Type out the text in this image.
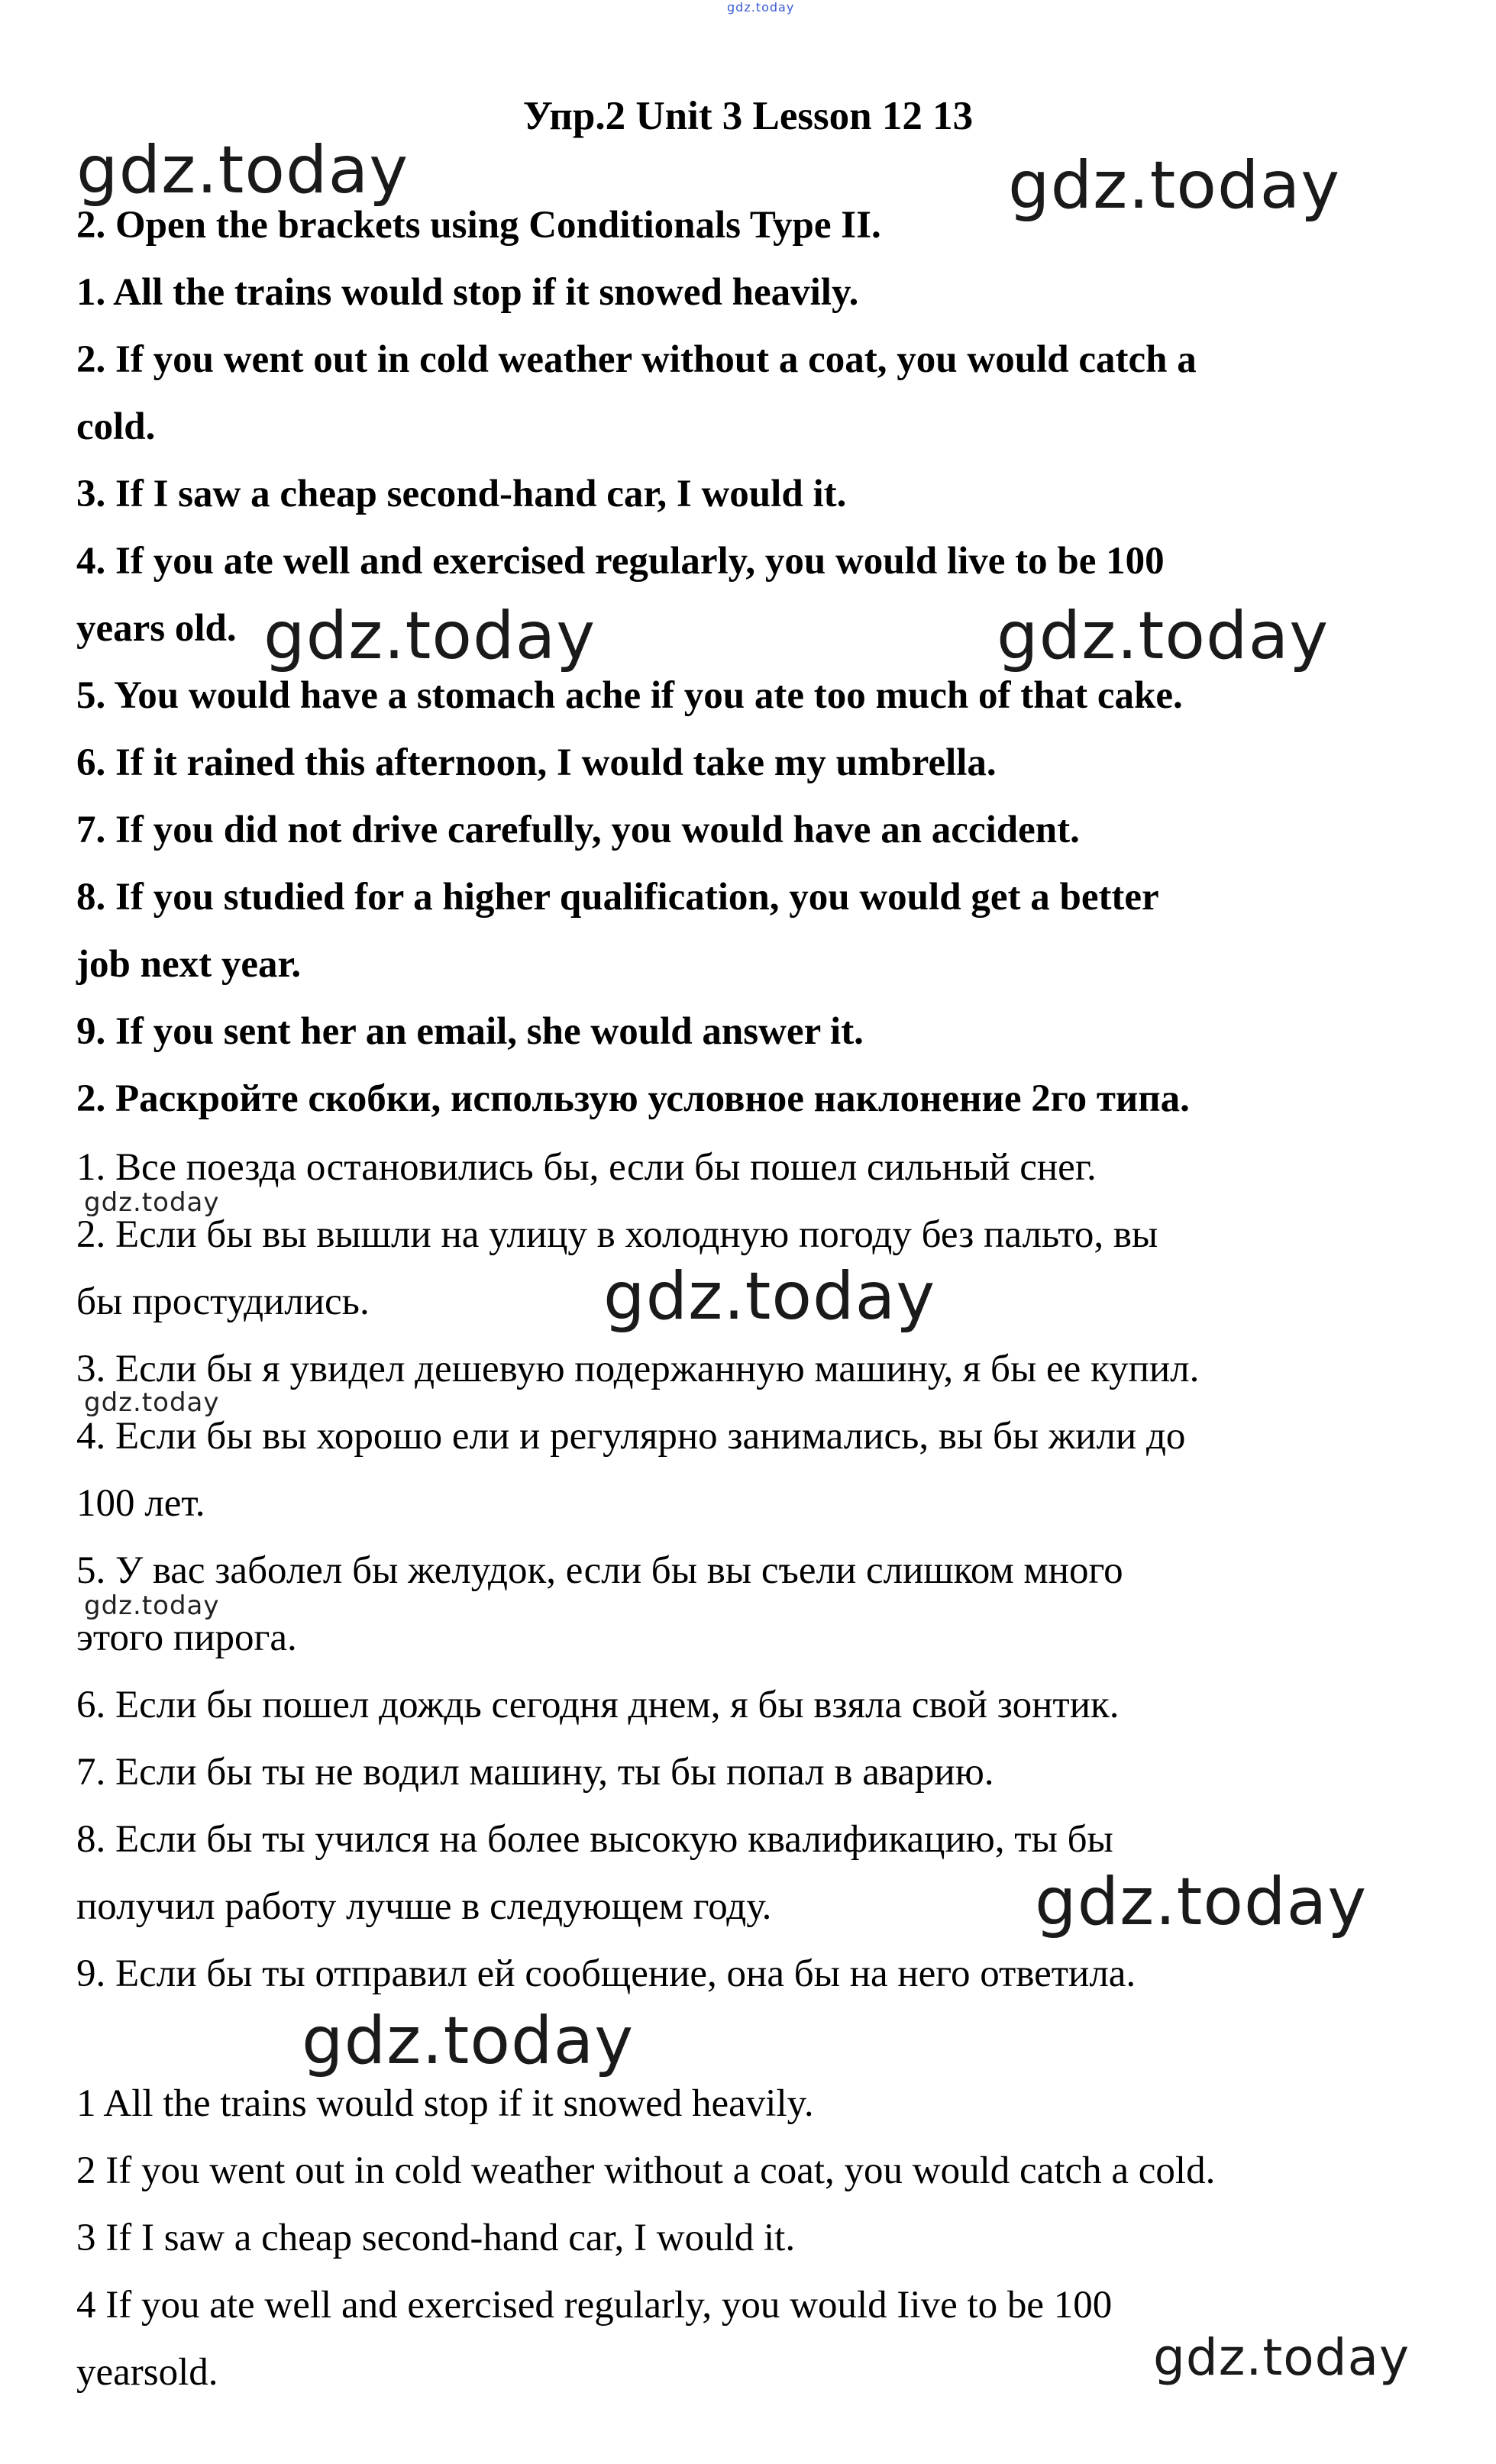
gdz.today
Упр.2 Unit 3 Lesson 12 13
2. Open the brackets using Conditionals Type II.
1. All the trains would stop if it snowed heavily.
2. If you went out in cold weather without a coat, you would catch a
cold.
3. If I saw a cheap second-hand car, I would it.
4. If you ate well and exercised regularly, you would live to be 100
years old.
5. You would have a stomach ache if you ate too much of that cake.
6. If it rained this afternoon, I would take my umbrella.
7. If you did not drive carefully, you would have an accident.
8. If you studied for a higher qualification, you would get a better
job next year.
9. If you sent her an email, she would answer it.
2. Раскройте скобки, использую условное наклонение 2го типа.
1. Все поезда остановились бы, если бы пошел сильный снег.
2. Если бы вы вышли на улицу в холодную погоду без пальто, вы
бы простудились.
3. Если бы я увидел дешевую подержанную машину, я бы ее купил.
4. Если бы вы хорошо ели и регулярно занимались, вы бы жили до
100 лет.
5. У вас заболел бы желудок, если бы вы съели слишком много
этого пирога.
6. Если бы пошел дождь сегодня днем, я бы взяла свой зонтик.
7. Если бы ты не водил машину, ты бы попал в аварию.
8. Если бы ты учился на более высокую квалификацию, ты бы
получил работу лучше в следующем году.
9. Если бы ты отправил ей сообщение, она бы на него ответила.
1 All the trains would stop if it snowed heavily.
2 If you went out in cold weather without a coat, you would catch a cold.
3 If I saw a cheap second-hand car, I would it.
4 If you ate well and exercised regularly, you would Iive to be 100
yearsold.
gdz.today	gdz.today
gdz.today	gdz.today
gdz.today
gdz.today
gdz.today
gdz.today
gdz.today
gdz.today
gdz.today
